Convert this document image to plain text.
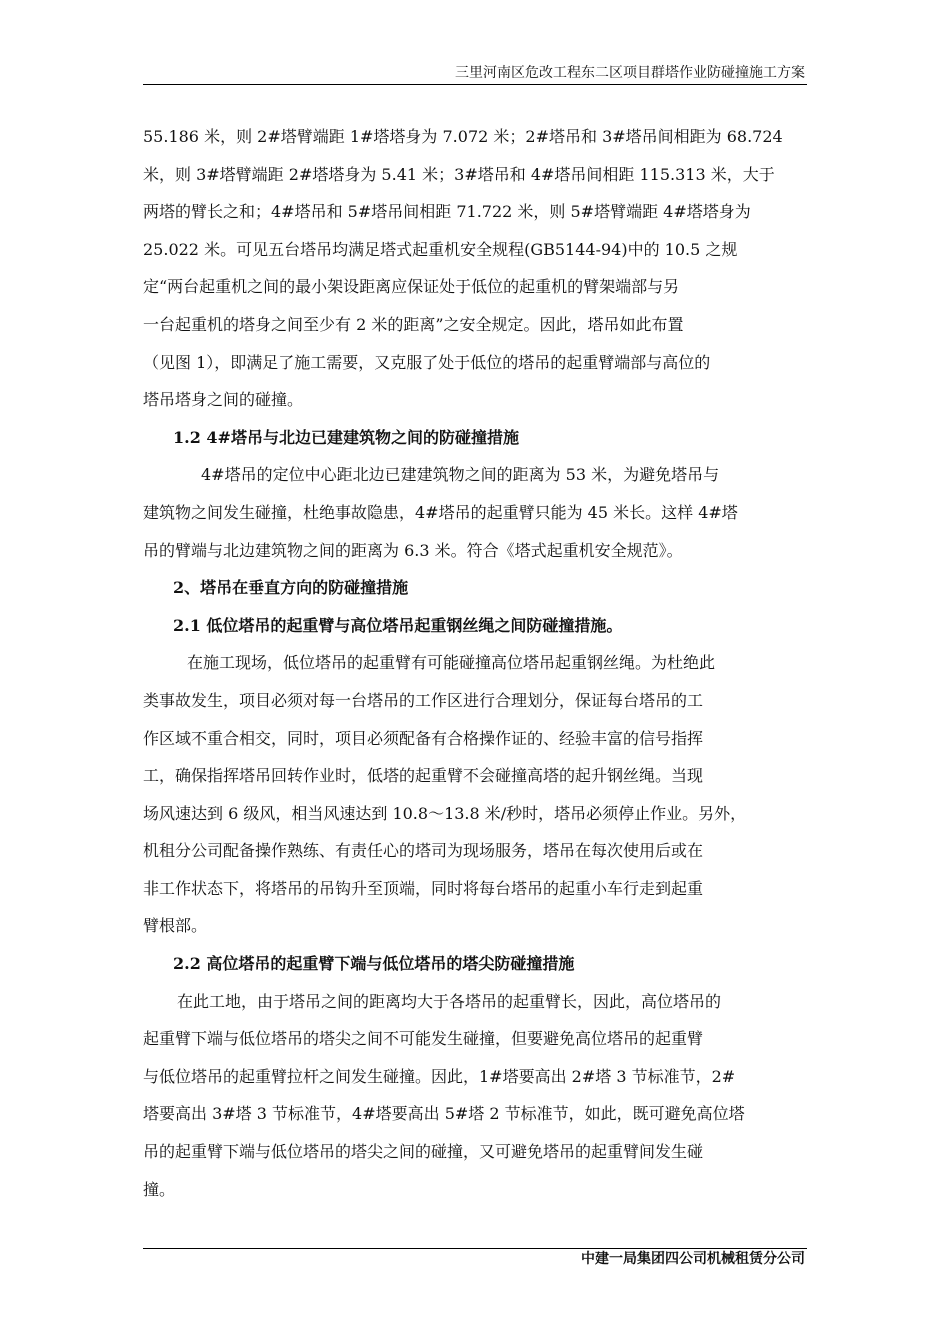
三里河南区危改工程东二区项目群塔作业防碰撞施工方案
55.186 米，则 2#塔臂端距 1#塔塔身为 7.072 米；2#塔吊和 3#塔吊间相距为 68.724
米，则 3#塔臂端距 2#塔塔身为 5.41 米；3#塔吊和 4#塔吊间相距 115.313 米，大于
两塔的臂长之和；4#塔吊和 5#塔吊间相距 71.722 米，则 5#塔臂端距 4#塔塔身为
25.022 米。可见五台塔吊均满足塔式起重机安全规程(GB5144-94)中的 10.5 之规
定“两台起重机之间的最小架设距离应保证处于低位的起重机的臂架端部与另
一台起重机的塔身之间至少有 2 米的距离”之安全规定。因此，塔吊如此布置
（见图 1），即满足了施工需要，又克服了处于低位的塔吊的起重臂端部与高位的
塔吊塔身之间的碰撞。
1.2 4#塔吊与北边已建建筑物之间的防碰撞措施
4#塔吊的定位中心距北边已建建筑物之间的距离为 53 米，为避免塔吊与
建筑物之间发生碰撞，杜绝事故隐患，4#塔吊的起重臂只能为 45 米长。这样 4#塔
吊的臂端与北边建筑物之间的距离为 6.3 米。符合《塔式起重机安全规范》。
2、塔吊在垂直方向的防碰撞措施
2.1 低位塔吊的起重臂与高位塔吊起重钢丝绳之间防碰撞措施。
在施工现场，低位塔吊的起重臂有可能碰撞高位塔吊起重钢丝绳。为杜绝此
类事故发生，项目必须对每一台塔吊的工作区进行合理划分，保证每台塔吊的工
作区域不重合相交，同时，项目必须配备有合格操作证的、经验丰富的信号指挥
工，确保指挥塔吊回转作业时，低塔的起重臂不会碰撞高塔的起升钢丝绳。当现
场风速达到 6 级风，相当风速达到 10.8～13.8 米/秒时，塔吊必须停止作业。另外，
机租分公司配备操作熟练、有责任心的塔司为现场服务，塔吊在每次使用后或在
非工作状态下，将塔吊的吊钩升至顶端，同时将每台塔吊的起重小车行走到起重
臂根部。
2.2 高位塔吊的起重臂下端与低位塔吊的塔尖防碰撞措施
在此工地，由于塔吊之间的距离均大于各塔吊的起重臂长，因此，高位塔吊的
起重臂下端与低位塔吊的塔尖之间不可能发生碰撞，但要避免高位塔吊的起重臂
与低位塔吊的起重臂拉杆之间发生碰撞。因此，1#塔要高出 2#塔 3 节标准节，2#
塔要高出 3#塔 3 节标准节，4#塔要高出 5#塔 2 节标准节，如此，既可避免高位塔
吊的起重臂下端与低位塔吊的塔尖之间的碰撞，又可避免塔吊的起重臂间发生碰
撞。
中建一局集团四公司机械租赁分公司
